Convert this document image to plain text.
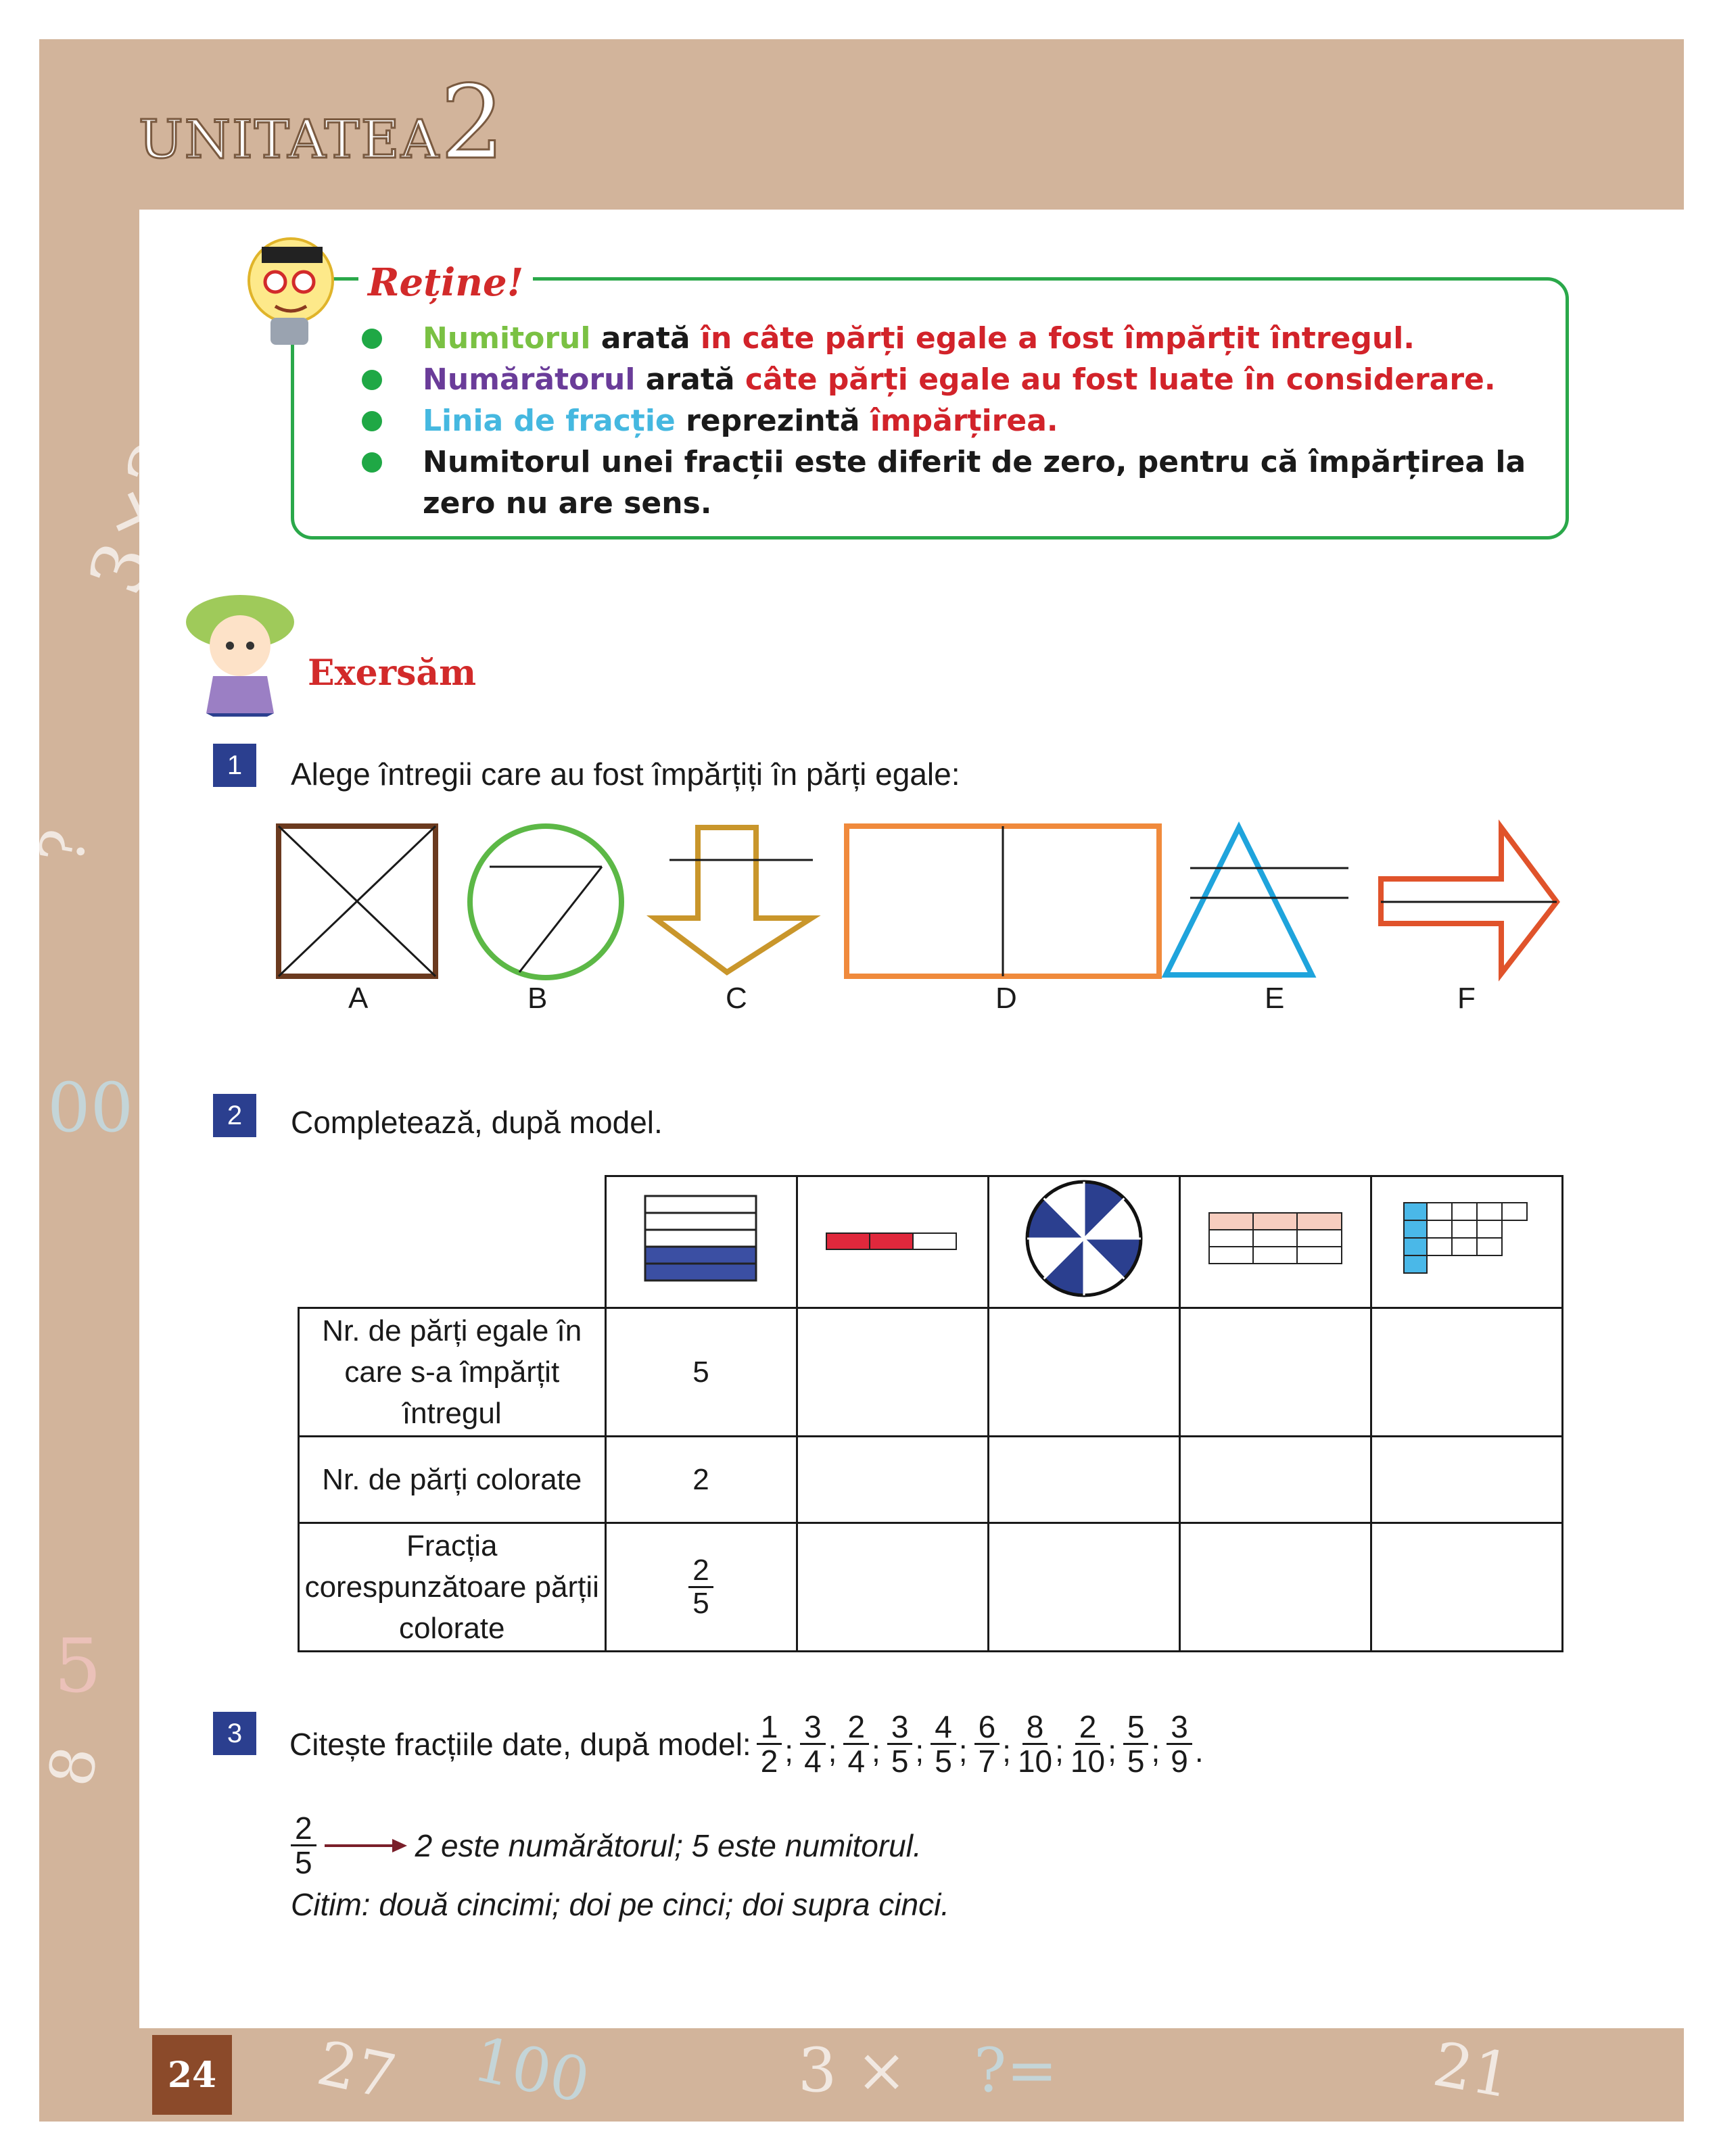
UNITATEA2
3×2
?
00
5
8
27 100	3 × ?=	21
24
Reține!
Numitorul arată în câte părți egale a fost împărțit întregul.
Numărătorul arată câte părți egale au fost luate în considerare.
Linia de fracție reprezintă împărțirea.
Numitorul unei fracții este diferit de zero, pentru că împărțirea la zero nu are sens.
Exersăm
1	Alege întregii care au fost împărțiți în părți egale:
A	B	C	D	E	F
2	Completează, după model.

Nr. de părți egale în care s-a împărțit întregul	5				
Nr. de părți colorate	2				
Fracția corespunzătoare părții colorate	$\frac{2}{5}$

3	Citește fracțiile date, după model: $\frac{1}{2}$ ; $\frac{3}{4}$ ; $\frac{2}{4}$ ; $\frac{3}{5}$ ; $\frac{4}{5}$ ; $\frac{6}{7}$ ; $\frac{8}{10}$ ; $\frac{2}{10}$ ; $\frac{5}{5}$ ; $\frac{3}{9}$ .
2
5	2 este numărătorul; 5 este numitorul.
Citim: două cincimi; doi pe cinci; doi supra cinci.
